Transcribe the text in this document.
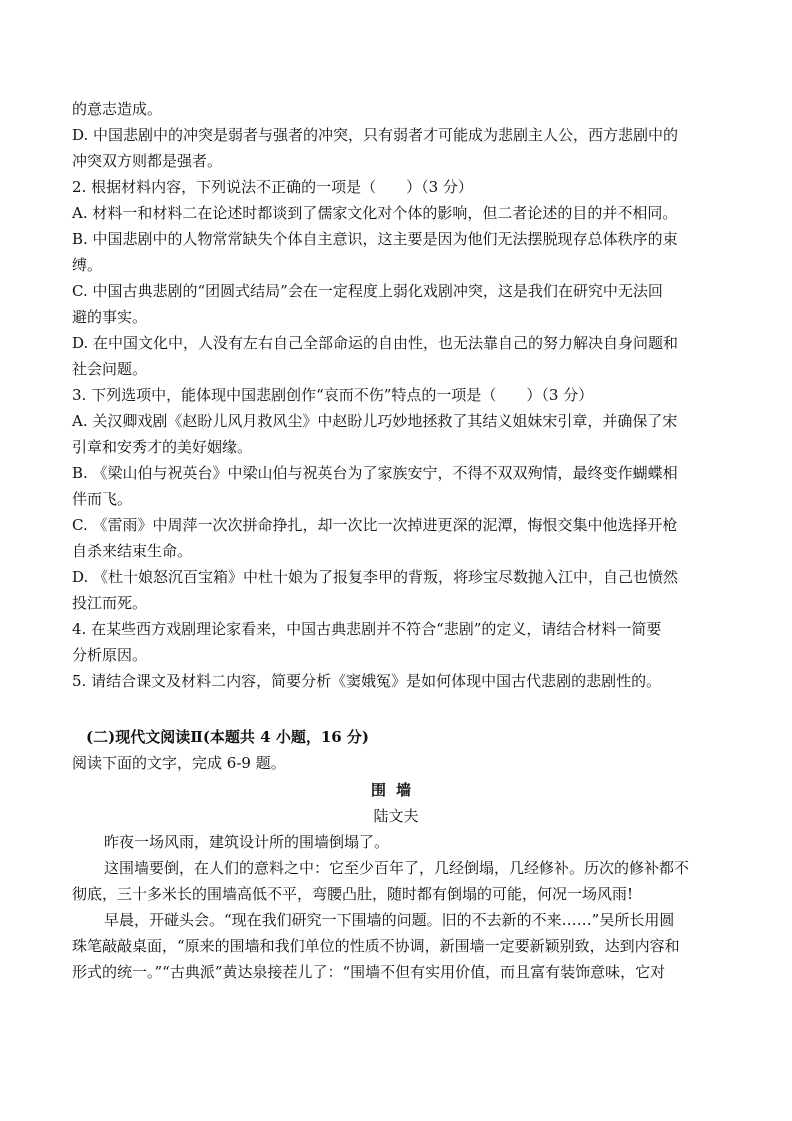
的意志造成。
D. 中国悲剧中的冲突是弱者与强者的冲突，只有弱者才可能成为悲剧主人公，西方悲剧中的
冲突双方则都是强者。
2. 根据材料内容，下列说法不正确的一项是（　　）（3 分）
A. 材料一和材料二在论述时都谈到了儒家文化对个体的影响，但二者论述的目的并不相同。
B. 中国悲剧中的人物常常缺失个体自主意识，这主要是因为他们无法摆脱现存总体秩序的束
缚。
C. 中国古典悲剧的“团圆式结局”会在一定程度上弱化戏剧冲突，这是我们在研究中无法回
避的事实。
D. 在中国文化中，人没有左右自己全部命运的自由性，也无法靠自己的努力解决自身问题和
社会问题。
3. 下列选项中，能体现中国悲剧创作“哀而不伤”特点的一项是（　　）（3 分）
A. 关汉卿戏剧《赵盼儿风月救风尘》中赵盼儿巧妙地拯救了其结义姐妹宋引章，并确保了宋
引章和安秀才的美好姻缘。
B. 《梁山伯与祝英台》中梁山伯与祝英台为了家族安宁，不得不双双殉情，最终变作蝴蝶相
伴而飞。
C. 《雷雨》中周萍一次次拼命挣扎，却一次比一次掉进更深的泥潭，悔恨交集中他选择开枪
自杀来结束生命。
D. 《杜十娘怒沉百宝箱》中杜十娘为了报复李甲的背叛，将珍宝尽数抛入江中，自己也愤然
投江而死。
4. 在某些西方戏剧理论家看来，中国古典悲剧并不符合“悲剧”的定义，请结合材料一简要
分析原因。
5. 请结合课文及材料二内容，简要分析《窦娥冤》是如何体现中国古代悲剧的悲剧性的。
(二)现代文阅读Ⅱ(本题共 4 小题，16 分)
阅读下面的文字，完成 6-9 题。
围墙
陆文夫
昨夜一场风雨，建筑设计所的围墙倒塌了。
这围墙要倒，在人们的意料之中：它至少百年了，几经倒塌，几经修补。历次的修补都不
彻底，三十多米长的围墙高低不平，弯腰凸肚，随时都有倒塌的可能，何况一场风雨!
早晨，开碰头会。“现在我们研究一下围墙的问题。旧的不去新的不来……”吴所长用圆
珠笔敲敲桌面，“原来的围墙和我们单位的性质不协调，新围墙一定要新颖别致，达到内容和
形式的统一。”“古典派”黄达泉接茬儿了：“围墙不但有实用价值，而且富有装饰意味，它对
